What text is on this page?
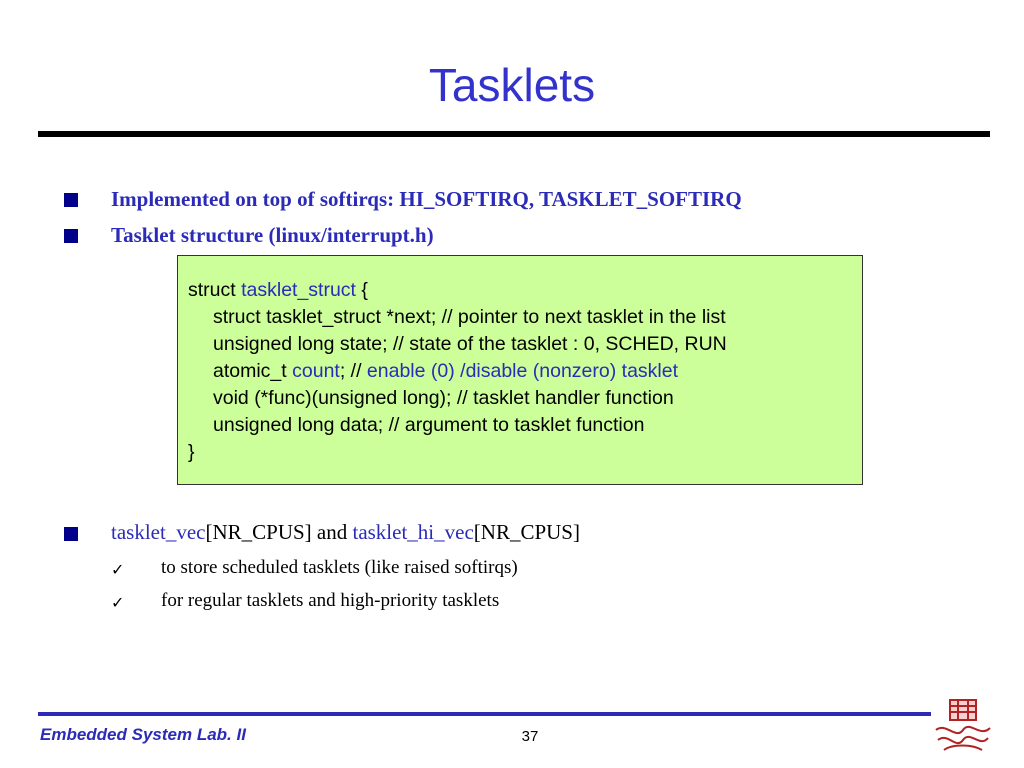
Tasklets
Implemented on top of softirqs: HI_SOFTIRQ, TASKLET_SOFTIRQ
Tasklet structure (linux/interrupt.h)
struct tasklet_struct {
struct tasklet_struct *next; // pointer to next tasklet in the list
unsigned long state; // state of the tasklet : 0, SCHED, RUN
atomic_t count; // enable (0) /disable (nonzero) tasklet
void (*func)(unsigned long); // tasklet handler function
unsigned long data; // argument to tasklet function
}
tasklet_vec[NR_CPUS] and tasklet_hi_vec[NR_CPUS]
✓ to store scheduled tasklets (like raised softirqs)
✓ for regular tasklets and high-priority tasklets
Embedded System Lab. II	37
